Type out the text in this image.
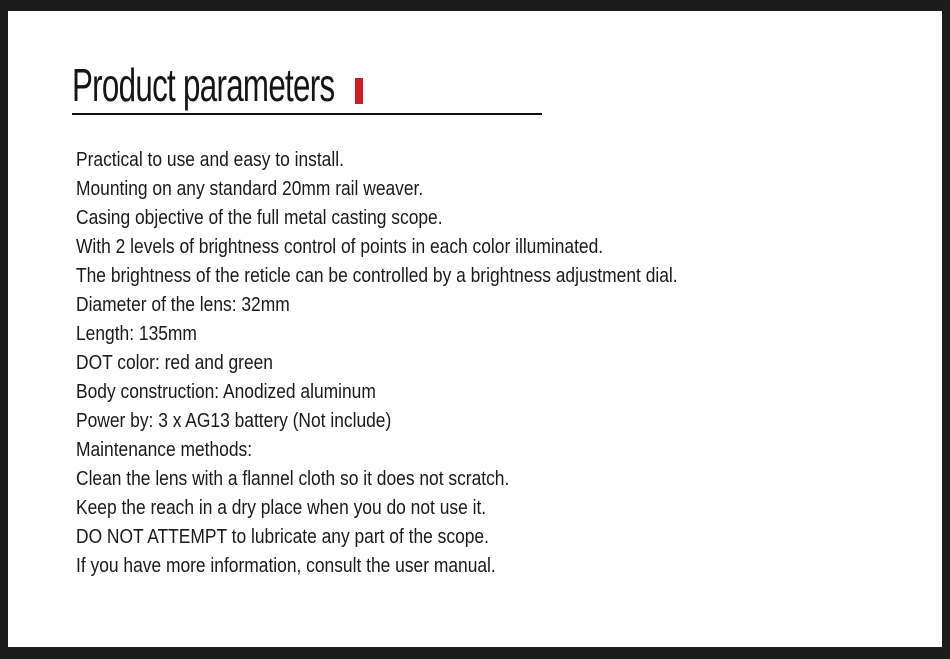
Product parameters

Practical to use and easy to install.

Mounting on any standard 20mm rail weaver.

Casing objective of the full metal casting scope.

With 2 levels of brightness control of points in each color illuminated.

The brightness of the reticle can be controlled by a brightness adjustment dial.

Diameter of the lens: 32mm

Length: 135mm

DOT color: red and green

Body construction: Anodized aluminum

Power by: 3 x AG13 battery (Not include)

Maintenance methods:

Clean the lens with a flannel cloth so it does not scratch.

Keep the reach in a dry place when you do not use it.

DO NOT ATTEMPT to lubricate any part of the scope.

If you have more information, consult the user manual.
